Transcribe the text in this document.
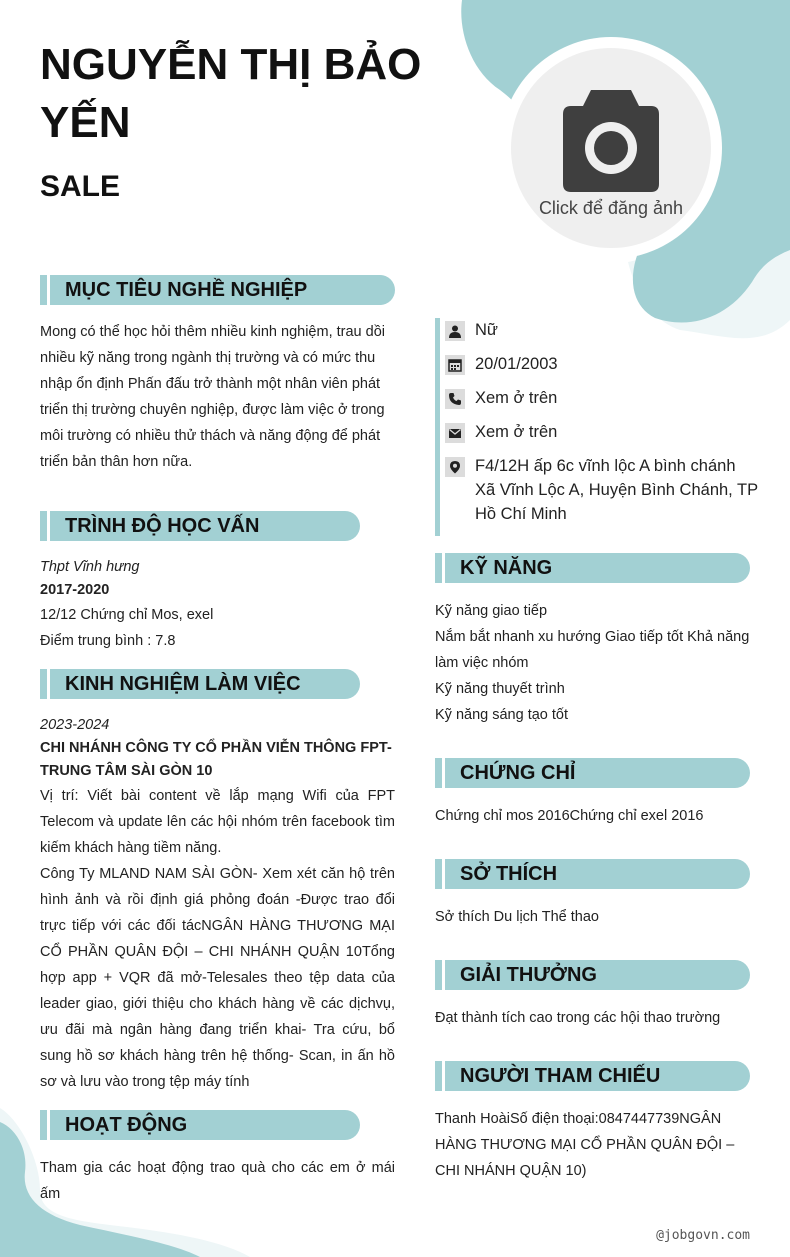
NGUYỄN THỊ BẢO YẾN
SALE
Click để đăng ảnh
MỤC TIÊU NGHỀ NGHIỆP
Mong có thể học hỏi thêm nhiều kinh nghiệm, trau dồi nhiều kỹ năng trong ngành thị trường và có mức thu nhập ổn định Phấn đấu trở thành một nhân viên phát triển thị trường chuyên nghiệp, được làm việc ở trong môi trường có nhiều thử thách và năng động để phát triển bản thân hơn nữa.
TRÌNH ĐỘ HỌC VẤN
Thpt Vĩnh hưng
2017-2020
12/12 Chứng chỉ Mos, exel
Điểm trung bình : 7.8
KINH NGHIỆM LÀM VIỆC
2023-2024
CHI NHÁNH CÔNG TY CỔ PHẦN VIỄN THÔNG FPT-TRUNG TÂM SÀI GÒN 10
Vị trí: Viết bài content về lắp mạng Wifi của FPT Telecom và update lên các hội nhóm trên facebook tìm kiếm khách hàng tiềm năng.
Công Ty MLAND NAM SÀI GÒN- Xem xét căn hộ trên hình ảnh và rồi định giá phỏng đoán -Được trao đổi trực tiếp với các đối tácNGÂN HÀNG THƯƠNG MẠI CỔ PHẦN QUÂN ĐỘI – CHI NHÁNH QUẬN 10Tổng hợp app + VQR đã mở-Telesales theo tệp data của leader giao, giới thiệu cho khách hàng về các dịchvụ, ưu đãi mà ngân hàng đang triển khai- Tra cứu, bổ sung hồ sơ khách hàng trên hệ thống- Scan, in ấn hồ sơ và lưu vào trong tệp máy tính
HOẠT ĐỘNG
Tham gia các hoạt động trao quà cho các em ở mái ấm
Nữ
20/01/2003
Xem ở trên
Xem ở trên
F4/12H ấp 6c vĩnh lộc A bình chánh Xã Vĩnh Lộc A, Huyện Bình Chánh, TP Hồ Chí Minh
KỸ NĂNG
Kỹ năng giao tiếp
Nắm bắt nhanh xu hướng Giao tiếp tốt Khả năng làm việc nhóm
Kỹ năng thuyết trình
Kỹ năng sáng tạo tốt
CHỨNG CHỈ
Chứng chỉ mos 2016Chứng chỉ exel 2016
SỞ THÍCH
Sở thích Du lịch Thể thao
GIẢI THƯỞNG
Đạt thành tích cao trong các hội thao trường
NGƯỜI THAM CHIẾU
Thanh HoàiSố điện thoại:0847447739NGÂN HÀNG THƯƠNG MẠI CỔ PHẦN QUÂN ĐỘI – CHI NHÁNH QUẬN 10)
@jobgovn.com
